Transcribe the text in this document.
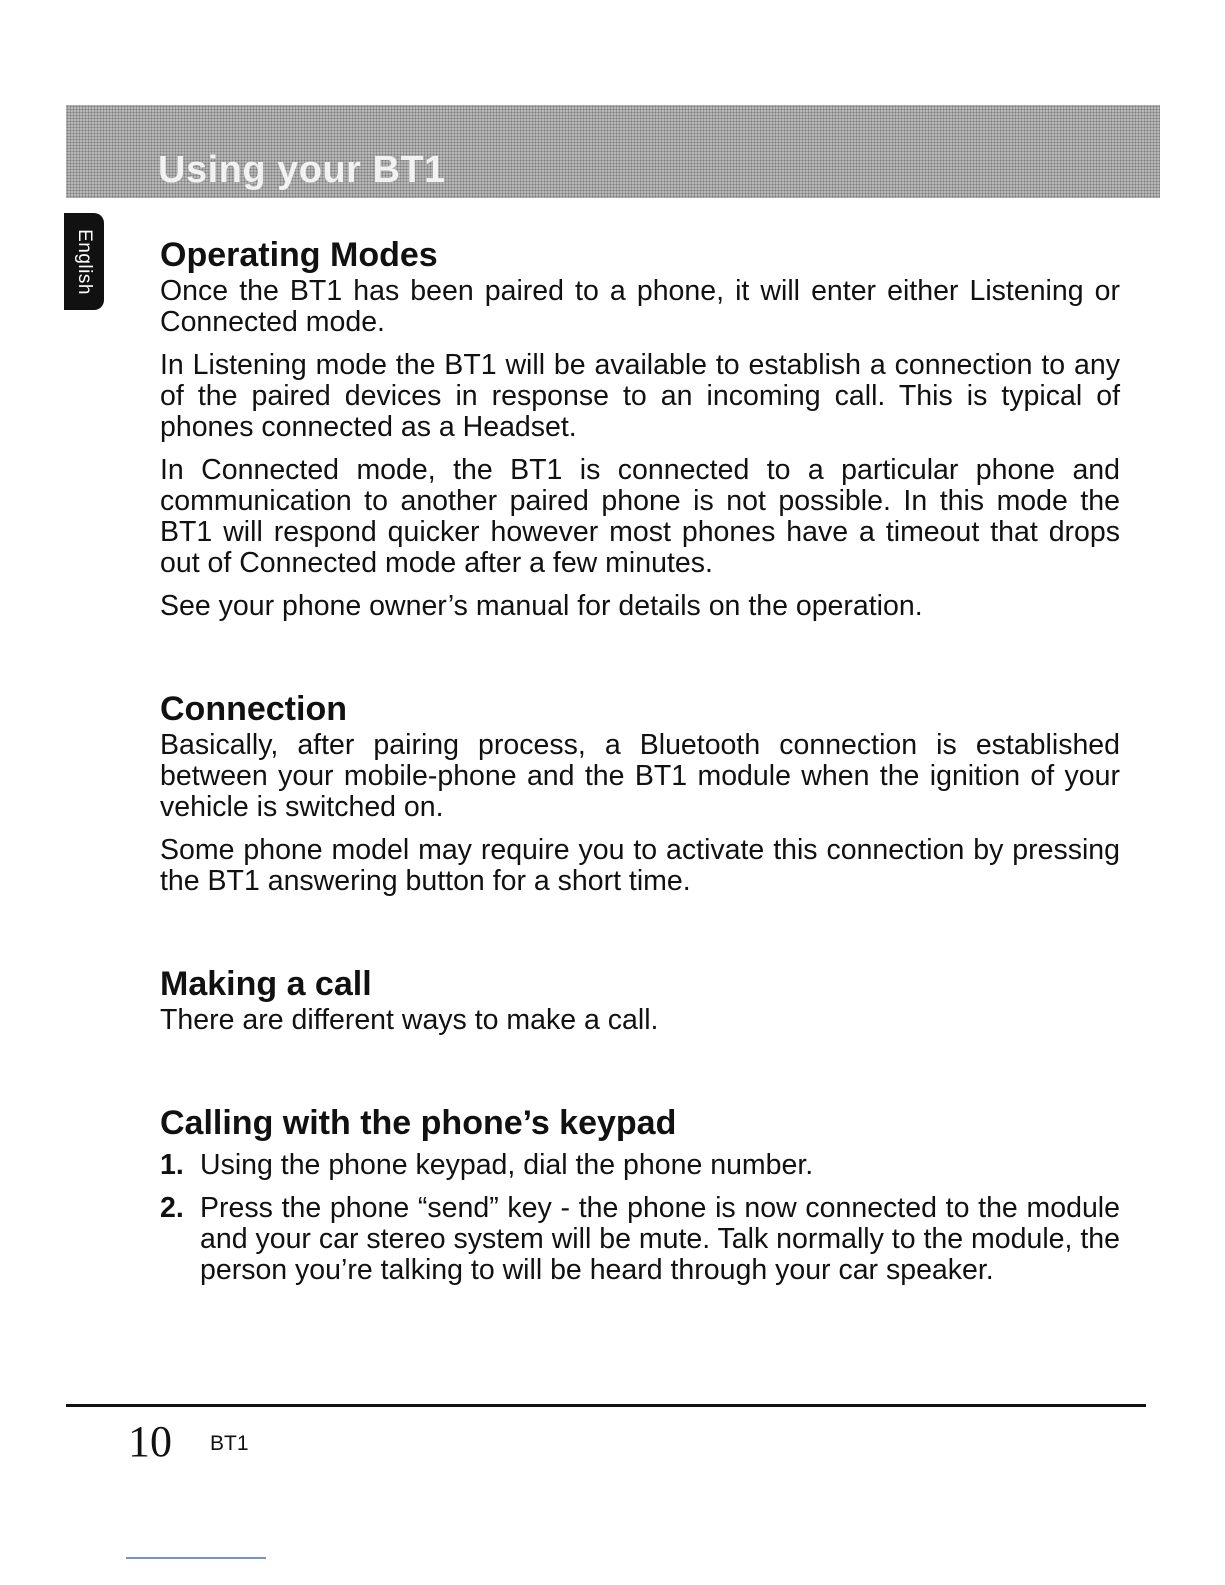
Using your BT1
English Operating Modes

Once the BT1 has been paired to a phone, it will enter either Listening or Connected mode.

In Listening mode the BT1 will be available to establish a connection to any of the paired devices in response to an incoming call. This is typical of phones connected as a Headset.

In Connected mode, the BT1 is connected to a particular phone and communication to another paired phone is not possible. In this mode the BT1 will respond quicker however most phones have a timeout that drops out of Connected mode after a few minutes.

See your phone owner’s manual for details on the operation.

Connection

Basically, after pairing process, a Bluetooth connection is established between your mobile-phone and the BT1 module when the ignition of your vehicle is switched on.

Some phone model may require you to activate this connection by pressing the BT1 answering button for a short time.

Making a call

There are different ways to make a call.

Calling with the phone’s keypad
1. Using the phone keypad, dial the phone number.
2. Press the phone “send” key - the phone is now connected to the module and your car stereo system will be mute. Talk normally to the module, the person you’re talking to will be heard through your car speaker.
10 BT1
